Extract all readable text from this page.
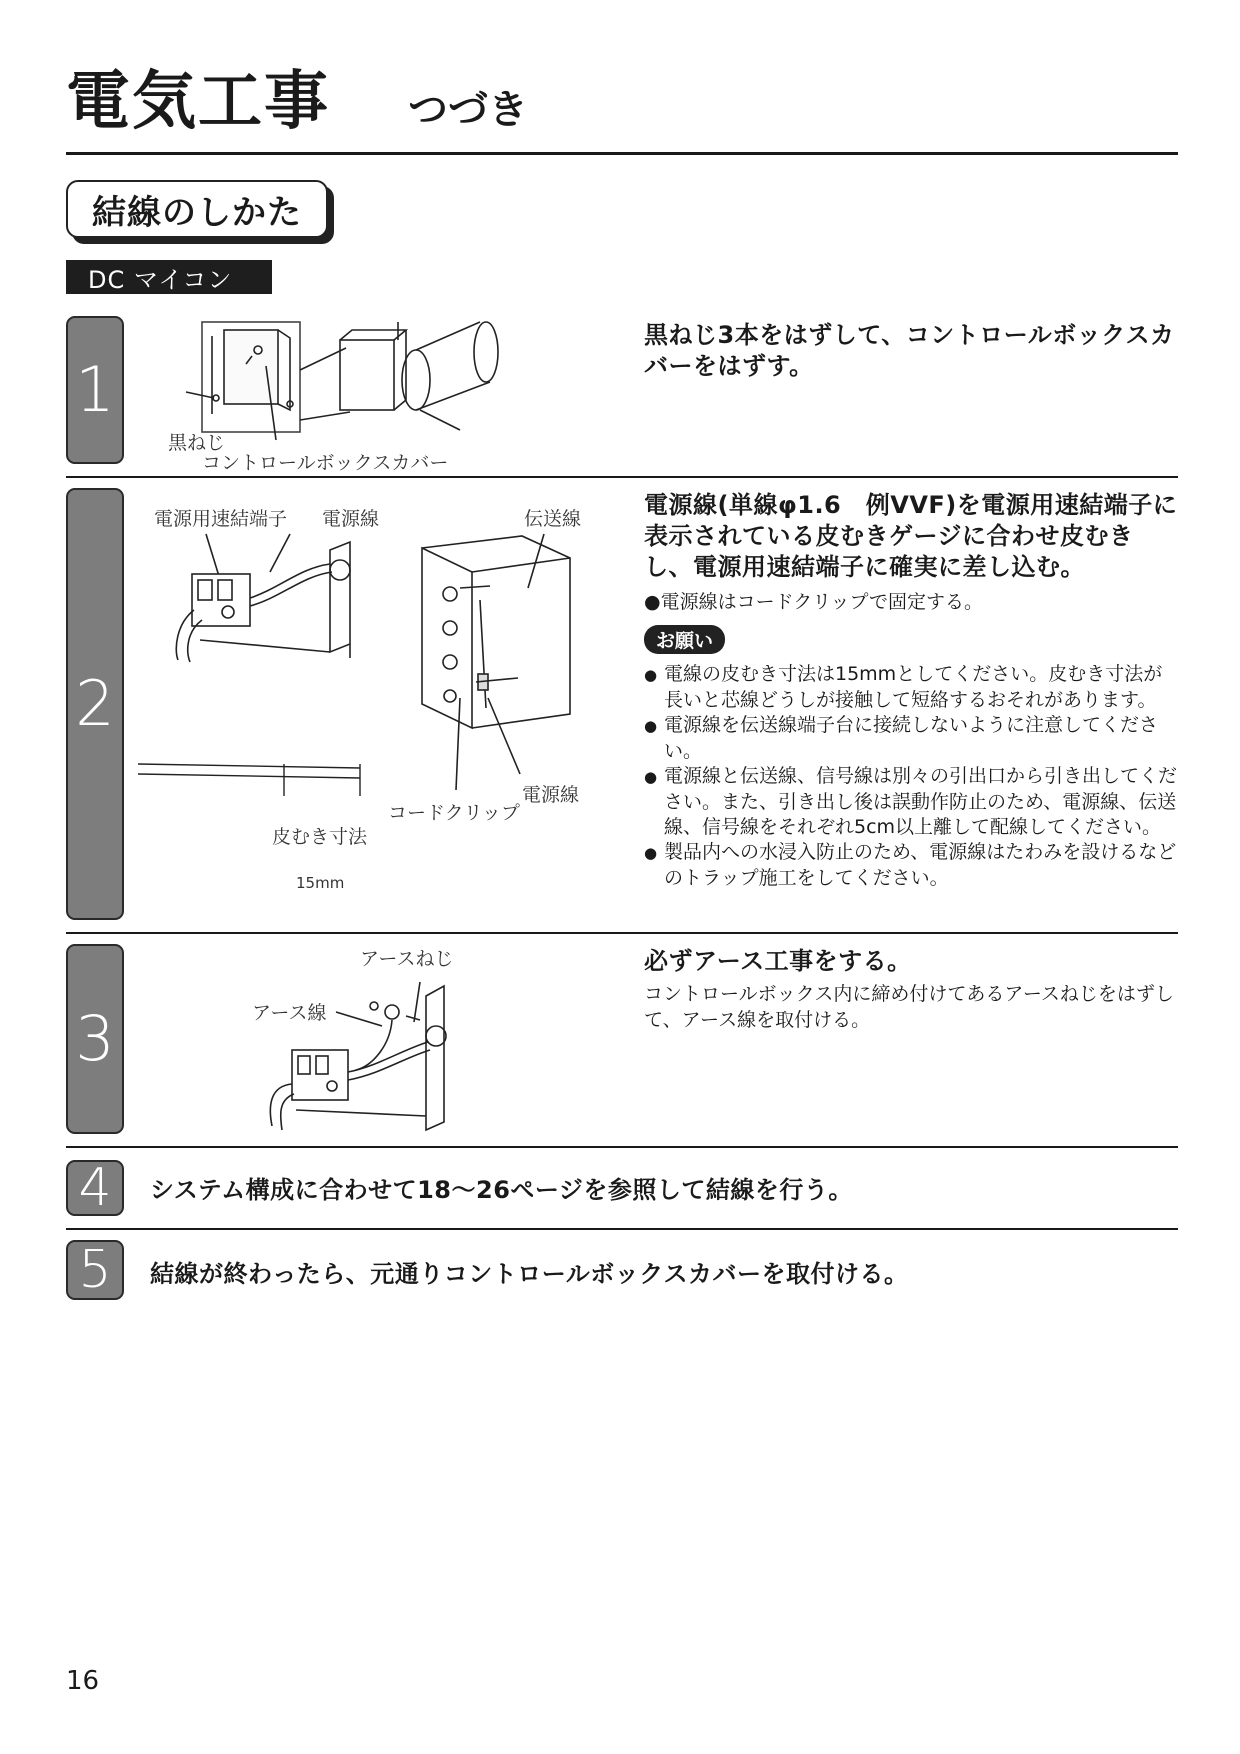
電気工事 つづき
結線のしかた
DC マイコン
1
黒ねじ
コントロールボックスカバー
黒ねじ3本をはずして、コントロールボックスカバーをはずす。
2
電源用速結端子 電源線	伝送線
電源線
コードクリップ
皮むき寸法
15mm
電源線(単線φ1.6　例VVF)を電源用速結端子に表示されている皮むきゲージに合わせ皮むきし、電源用速結端子に確実に差し込む。
●電源線はコードクリップで固定する。
お願い
● 電線の皮むき寸法は15mmとしてください。皮むき寸法が長いと芯線どうしが接触して短絡するおそれがあります。
● 電源線を伝送線端子台に接続しないように注意してください。
● 電源線と伝送線、信号線は別々の引出口から引き出してください。また、引き出し後は誤動作防止のため、電源線、伝送線、信号線をそれぞれ5cm以上離して配線してください。
● 製品内への水浸入防止のため、電源線はたわみを設けるなどのトラップ施工をしてください。
3
アースねじ
アース線
必ずアース工事をする。
コントロールボックス内に締め付けてあるアースねじをはずして、アース線を取付ける。
4	システム構成に合わせて18～26ページを参照して結線を行う。
5	結線が終わったら、元通りコントロールボックスカバーを取付ける。
16
